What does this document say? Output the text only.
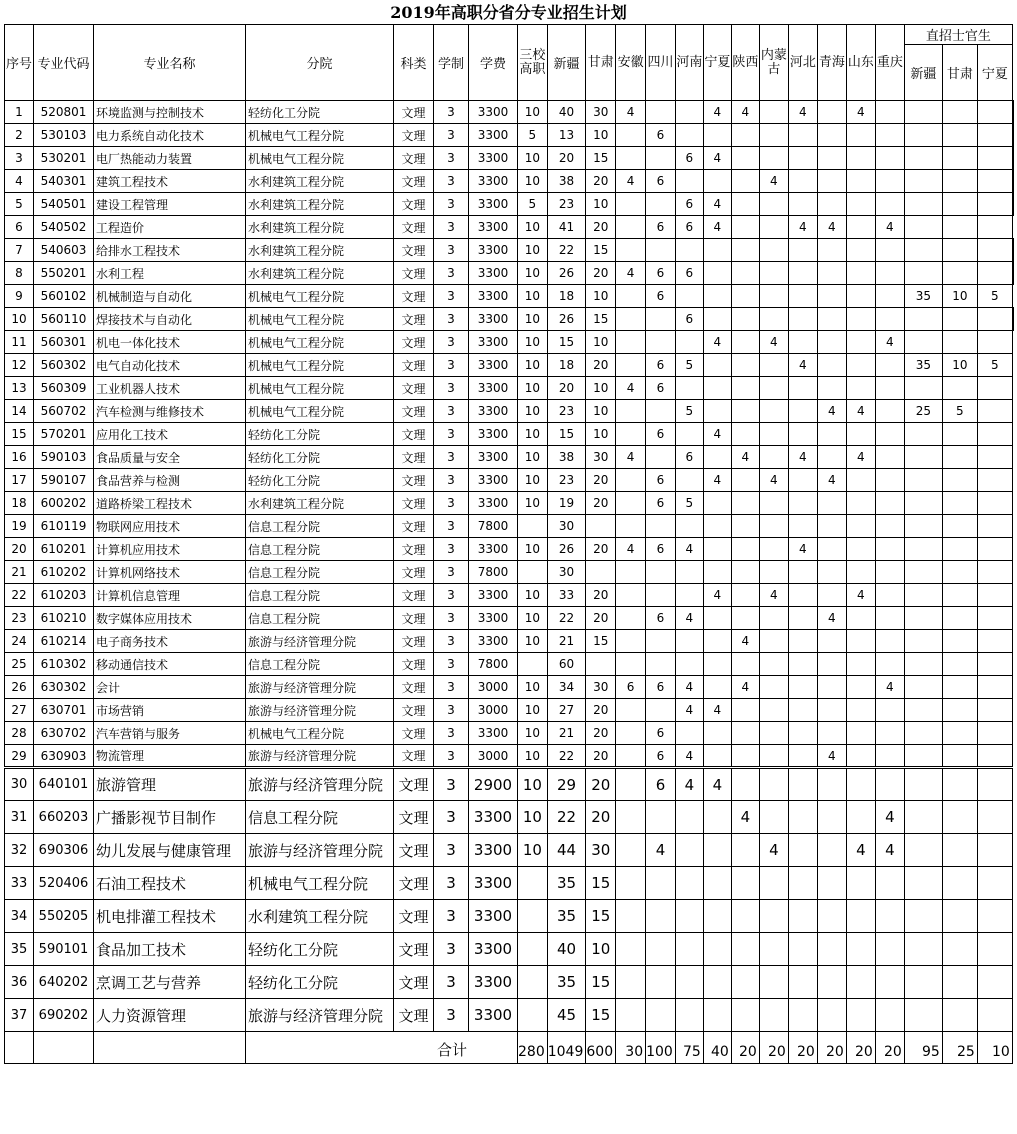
2019年高职分省分专业招生计划
序号	专业代码	专业名称	分院	科类	学制	学费	三校高职	新疆	甘肃	安徽	四川	河南	宁夏	陕西	内蒙古	河北	青海	山东	重庆	直招士官生			
																				新疆	甘肃	宁夏	
1	520801	环境监测与控制技术	轻纺化工分院	文理	3	3300	10	40	30	4			4	4		4		4					
2	530103	电力系统自动化技术	机械电气工程分院	文理	3	3300	5	13	10		6												
3	530201	电厂热能动力装置	机械电气工程分院	文理	3	3300	10	20	15			6	4										
4	540301	建筑工程技术	水利建筑工程分院	文理	3	3300	10	38	20	4	6				4								
5	540501	建设工程管理	水利建筑工程分院	文理	3	3300	5	23	10			6	4										
6	540502	工程造价	水利建筑工程分院	文理	3	3300	10	41	20		6	6	4			4	4		4				
7	540603	给排水工程技术	水利建筑工程分院	文理	3	3300	10	22	15														
8	550201	水利工程	水利建筑工程分院	文理	3	3300	10	26	20	4	6	6											
9	560102	机械制造与自动化	机械电气工程分院	文理	3	3300	10	18	10		6									35	10	5	
10	560110	焊接技术与自动化	机械电气工程分院	文理	3	3300	10	26	15			6											
11	560301	机电一体化技术	机械电气工程分院	文理	3	3300	10	15	10				4		4				4				
12	560302	电气自动化技术	机械电气工程分院	文理	3	3300	10	18	20		6	5				4				35	10	5	
13	560309	工业机器人技术	机械电气工程分院	文理	3	3300	10	20	10	4	6												
14	560702	汽车检测与维修技术	机械电气工程分院	文理	3	3300	10	23	10			5					4	4		25	5		
15	570201	应用化工技术	轻纺化工分院	文理	3	3300	10	15	10		6		4										
16	590103	食品质量与安全	轻纺化工分院	文理	3	3300	10	38	30	4		6		4		4		4					
17	590107	食品营养与检测	轻纺化工分院	文理	3	3300	10	23	20		6		4		4		4						
18	600202	道路桥梁工程技术	水利建筑工程分院	文理	3	3300	10	19	20		6	5											
19	610119	物联网应用技术	信息工程分院	文理	3	7800		30															
20	610201	计算机应用技术	信息工程分院	文理	3	3300	10	26	20	4	6	4				4							
21	610202	计算机网络技术	信息工程分院	文理	3	7800		30															
22	610203	计算机信息管理	信息工程分院	文理	3	3300	10	33	20				4		4			4					
23	610210	数字媒体应用技术	信息工程分院	文理	3	3300	10	22	20		6	4					4						
24	610214	电子商务技术	旅游与经济管理分院	文理	3	3300	10	21	15					4									
25	610302	移动通信技术	信息工程分院	文理	3	7800		60															
26	630302	会计	旅游与经济管理分院	文理	3	3000	10	34	30	6	6	4		4					4				
27	630701	市场营销	旅游与经济管理分院	文理	3	3000	10	27	20			4	4										
28	630702	汽车营销与服务	机械电气工程分院	文理	3	3300	10	21	20		6												
29	630903	物流管理	旅游与经济管理分院	文理	3	3000	10	22	20		6	4					4						
30	640101	旅游管理	旅游与经济管理分院	文理	3	2900	10	29	20		6	4	4										
31	660203	广播影视节目制作	信息工程分院	文理	3	3300	10	22	20					4					4				
32	690306	幼儿发展与健康管理	旅游与经济管理分院	文理	3	3300	10	44	30		4				4			4	4				
33	520406	石油工程技术	机械电气工程分院	文理	3	3300		35	15														
34	550205	机电排灌工程技术	水利建筑工程分院	文理	3	3300		35	15														
35	590101	食品加工技术	轻纺化工分院	文理	3	3300		40	10														
36	640202	烹调工艺与营养	轻纺化工分院	文理	3	3300		35	15														
37	690202	人力资源管理	旅游与经济管理分院	文理	3	3300		45	15														
			合计				280	1049	600	30	100	75	40	20	20	20	20	20	20	95	25	10	
